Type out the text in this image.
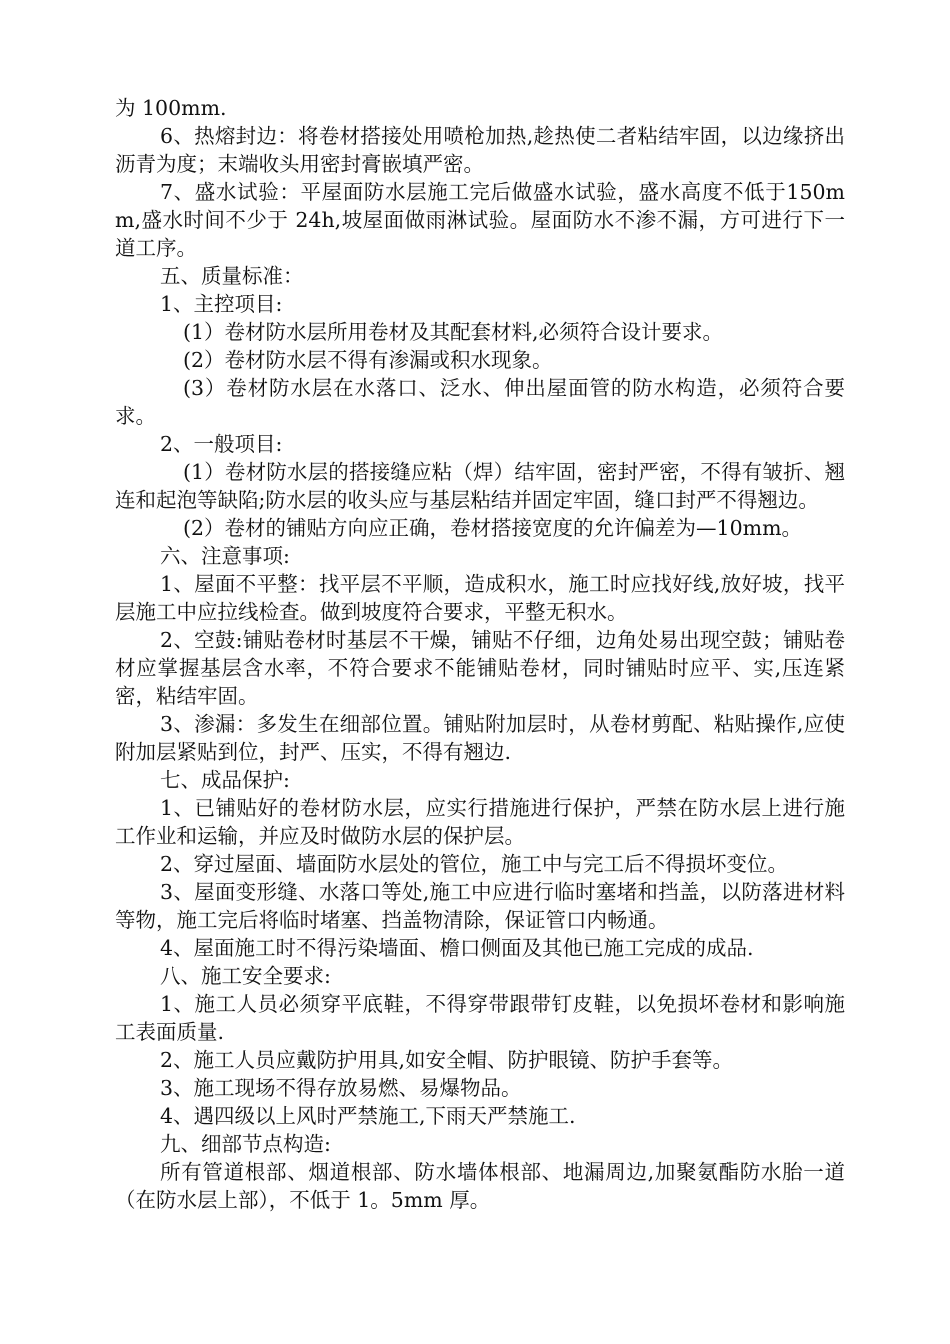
为 100mm.

6、热熔封边：将卷材搭接处用喷枪加热,趁热使二者粘结牢固，以边缘挤出沥青为度；末端收头用密封膏嵌填严密。

7、盛水试验：平屋面防水层施工完后做盛水试验，盛水高度不低于150mm,盛水时间不少于 24h,坡屋面做雨淋试验。屋面防水不渗不漏，方可进行下一道工序。

五、质量标准：

1、主控项目:

(1）卷材防水层所用卷材及其配套材料,必须符合设计要求。

(2）卷材防水层不得有渗漏或积水现象。

(3）卷材防水层在水落口、泛水、伸出屋面管的防水构造，必须符合要求。

2、一般项目:

(1）卷材防水层的搭接缝应粘（焊）结牢固，密封严密，不得有皱折、翘连和起泡等缺陷;防水层的收头应与基层粘结并固定牢固，缝口封严不得翘边。

(2）卷材的铺贴方向应正确，卷材搭接宽度的允许偏差为—10mm。

六、注意事项:

1、屋面不平整：找平层不平顺，造成积水，施工时应找好线,放好坡，找平层施工中应拉线检查。做到坡度符合要求，平整无积水。

2、空鼓:铺贴卷材时基层不干燥，铺贴不仔细，边角处易出现空鼓；铺贴卷材应掌握基层含水率，不符合要求不能铺贴卷材，同时铺贴时应平、实,压连紧密，粘结牢固。

3、渗漏：多发生在细部位置。铺贴附加层时，从卷材剪配、粘贴操作,应使附加层紧贴到位，封严、压实，不得有翘边.

七、成品保护:

1、已铺贴好的卷材防水层，应实行措施进行保护，严禁在防水层上进行施工作业和运输，并应及时做防水层的保护层。

2、穿过屋面、墙面防水层处的管位，施工中与完工后不得损坏变位。

3、屋面变形缝、水落口等处,施工中应进行临时塞堵和挡盖，以防落进材料等物，施工完后将临时堵塞、挡盖物清除，保证管口内畅通。

4、屋面施工时不得污染墙面、檐口侧面及其他已施工完成的成品.

八、施工安全要求:

1、施工人员必须穿平底鞋，不得穿带跟带钉皮鞋，以免损坏卷材和影响施工表面质量.

2、施工人员应戴防护用具,如安全帽、防护眼镜、防护手套等。

3、施工现场不得存放易燃、易爆物品。

4、遇四级以上风时严禁施工,下雨天严禁施工.

九、细部节点构造:

所有管道根部、烟道根部、防水墙体根部、地漏周边,加聚氨酯防水胎一道（在防水层上部），不低于 1。5mm 厚。
